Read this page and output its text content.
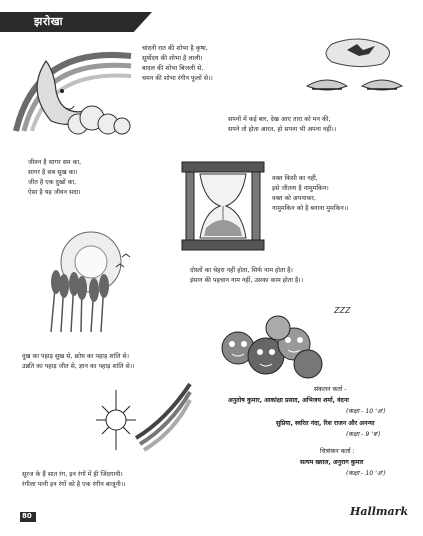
झरोखा
चांदनी रात की शोभा है कृषा,
सूर्योदय की शोभा है लाली।
बादल की शोभा बिजली से,
चमन की शोभा रंगीन फूलों से।।
सपनों में कई बार, देख आए तारा को मन की,
सपने तो होता आरत, हो सपना भी अपना नहीं।।
जीवन है सागर सम का,
सागर है सब सुख का।
जीत है एक दुखों का,
ऐसा है यह जीवन सदा।
वक्त किसी का नहीं,
इसे जीतना है नामुमकिन।
वक्त को अपनाकर,
नामुमकिन को है बनाना मुमकिन।।
दोस्तों का चेहरा नहीं होता, सिर्फ नाम होता है।
इंसान की पहचान नाम नहीं, उसका काम होता है।।
ZZZ
दुख का पहाड़ सुख से, क्रोध का पहाड़ शांति से।
उन्नति का पहाड़ जीत से, ज्ञान का पहाड़ शांति से।।
संकलन कर्ता -
अनुतोष कुमार, आकांक्षा प्रसाद, अभिजय शर्मा, वंदना
(कक्षा - 10 'अ')
सुप्रिया, स्वरित नंदा, रिश राजन और अनन्या
(कक्षा - 9 'ब')
चित्रांकन कर्ता :
सत्यम ख्याल, अनुराग कुमार
(कक्षा - 10 'अ')
सूरज के हैं सात रंग, इन रंगों में ही जिंदगानी।
रंगीला पानी इन रंगों को है एक रंगीन बाजूनी।।
80	Hallmark
